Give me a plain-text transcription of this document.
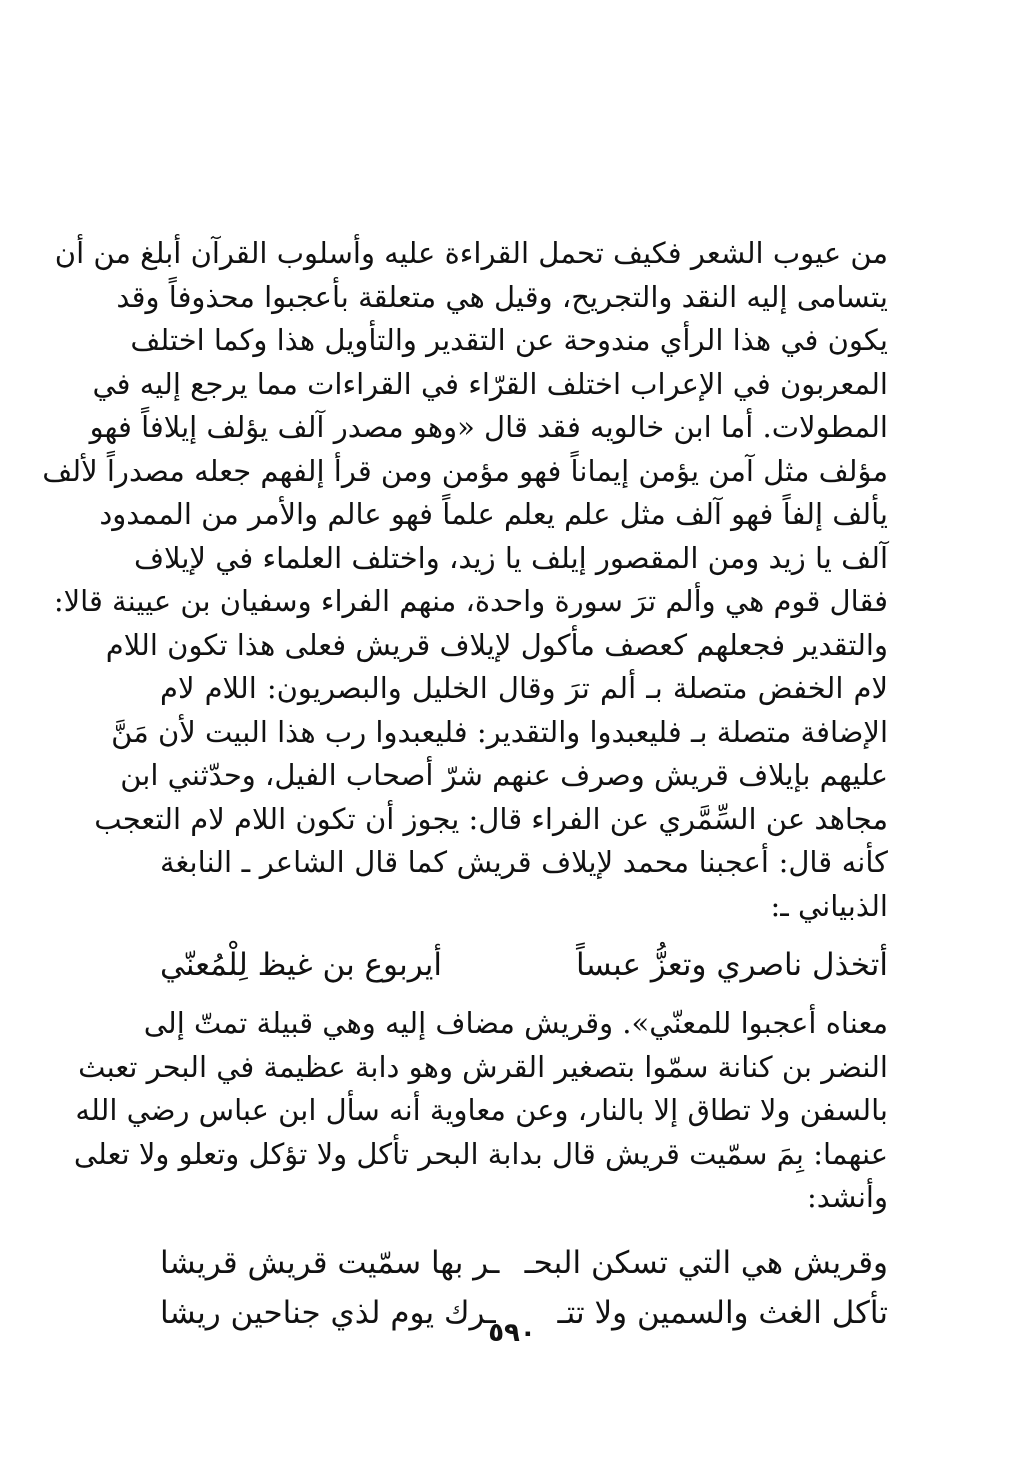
من عيوب الشعر فكيف تحمل القراءة عليه وأسلوب القرآن أبلغ من أن
يتسامى إليه النقد والتجريح، وقيل هي متعلقة بأعجبوا محذوفاً وقد
يكون في هذا الرأي مندوحة عن التقدير والتأويل هذا وكما اختلف
المعربون في الإعراب اختلف القرّاء في القراءات مما يرجع إليه في
المطولات. أما ابن خالويه فقد قال «وهو مصدر آلف يؤلف إيلافاً فهو
مؤلف مثل آمن يؤمن إيماناً فهو مؤمن ومن قرأ إلفهم جعله مصدراً لألف
يألف إلفاً فهو آلف مثل علم يعلم علماً فهو عالم والأمر من الممدود
آلف يا زيد ومن المقصور إيلف يا زيد، واختلف العلماء في لإيلاف
فقال قوم هي وألم ترَ سورة واحدة، منهم الفراء وسفيان بن عيينة قالا:
والتقدير فجعلهم كعصف مأكول لإيلاف قريش فعلى هذا تكون اللام
لام الخفض متصلة بـ ألم ترَ وقال الخليل والبصريون: اللام لام
الإضافة متصلة بـ فليعبدوا والتقدير: فليعبدوا رب هذا البيت لأن مَنَّ
عليهم بإيلاف قريش وصرف عنهم شرّ أصحاب الفيل، وحدّثني ابن
مجاهد عن السِّمَّري عن الفراء قال: يجوز أن تكون اللام لام التعجب
كأنه قال: أعجبنا محمد لإيلاف قريش كما قال الشاعر ـ النابغة
الذبياني ـ:
أتخذل ناصري وتعزُّ عبساً
أيربوع بن غيظ لِلْمُعنّي
معناه أعجبوا للمعنّي». وقريش مضاف إليه وهي قبيلة تمتّ إلى
النضر بن كنانة سمّوا بتصغير القرش وهو دابة عظيمة في البحر تعبث
بالسفن ولا تطاق إلا بالنار، وعن معاوية أنه سأل ابن عباس رضي الله
عنهما: بِمَ سمّيت قريش قال بدابة البحر تأكل ولا تؤكل وتعلو ولا تعلى
وأنشد:
وقريش هي التي تسكن البحـ
ـر بها سمّيت قريش قريشا
تأكل الغث والسمين ولا تتـ
ـرك يوم لذي جناحين ريشا
٥٩٠
